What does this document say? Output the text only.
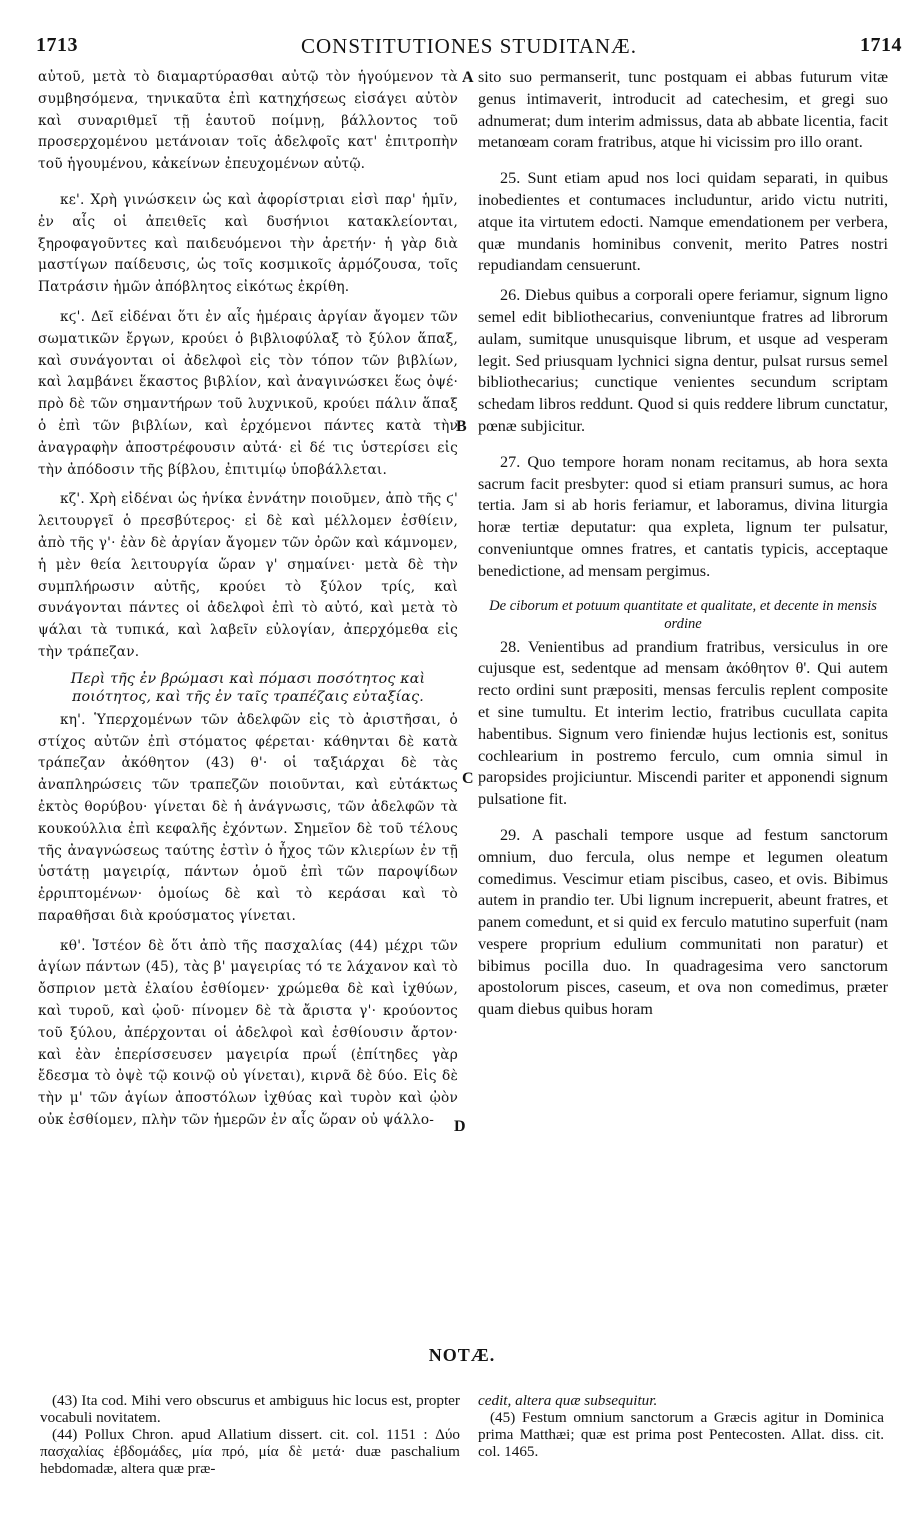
1713	CONSTITUTIONES STUDITANÆ.	1714

αὐτοῦ, μετὰ τὸ διαμαρτύρασθαι αὐτῷ τὸν ἡγούμενον τὰ συμβησόμενα, τηνικαῦτα ἐπὶ κατηχήσεως εἰσάγει αὐτὸν καὶ συναριθμεῖ τῇ ἑαυτοῦ ποίμνῃ, βάλλοντος τοῦ προσερχομένου μετάνοιαν τοῖς ἀδελφοῖς κατ' ἐπιτροπὴν τοῦ ἡγουμένου, κἀκείνων ἐπευχομένων αὐτῷ.

κε'. Χρὴ γινώσκειν ὡς καὶ ἀφορίστριαι εἰσὶ παρ' ἡμῖν, ἐν αἷς οἱ ἀπειθεῖς καὶ δυσήνιοι κατακλείονται, ξηροφαγοῦντες καὶ παιδευόμενοι τὴν ἀρετήν· ἡ γὰρ διὰ μαστίγων παίδευσις, ὡς τοῖς κοσμικοῖς ἁρμόζουσα, τοῖς Πατράσιν ἡμῶν ἀπόβλητος εἰκότως ἐκρίθη.

κϛ'. Δεῖ εἰδέναι ὅτι ἐν αἷς ἡμέραις ἀργίαν ἄγομεν τῶν σωματικῶν ἔργων, κρούει ὁ βιβλιοφύλαξ τὸ ξύλον ἅπαξ, καὶ συνάγονται οἱ ἀδελφοὶ εἰς τὸν τόπον τῶν βιβλίων, καὶ λαμβάνει ἕκαστος βιβλίον, καὶ ἀναγινώσκει ἕως ὀψέ· πρὸ δὲ τῶν σημαντήρων τοῦ λυχνικοῦ, κρούει πάλιν ἅπαξ ὁ ἐπὶ τῶν βιβλίων, καὶ ἐρχόμενοι πάντες κατὰ τὴν ἀναγραφὴν ἀποστρέφουσιν αὐτά· εἰ δέ τις ὑστερίσει εἰς τὴν ἀπόδοσιν τῆς βίβλου, ἐπιτιμίῳ ὑποβάλλεται.

κζ'. Χρὴ εἰδέναι ὡς ἡνίκα ἐννάτην ποιοῦμεν, ἀπὸ τῆς ϛ' λειτουργεῖ ὁ πρεσβύτερος· εἰ δὲ καὶ μέλλομεν ἐσθίειν, ἀπὸ τῆς γ'· ἐὰν δὲ ἀργίαν ἄγομεν τῶν ὀρῶν καὶ κάμνομεν, ἡ μὲν θεία λειτουργία ὥραν γ' σημαίνει· μετὰ δὲ τὴν συμπλήρωσιν αὐτῆς, κρούει τὸ ξύλον τρίς, καὶ συνάγονται πάντες οἱ ἀδελφοὶ ἐπὶ τὸ αὐτό, καὶ μετὰ τὸ ψάλαι τὰ τυπικά, καὶ λαβεῖν εὐλογίαν, ἀπερχόμεθα εἰς τὴν τράπεζαν.

Περὶ τῆς ἐν βρώμασι καὶ πόμασι ποσότητος καὶ ποιότητος, καὶ τῆς ἐν ταῖς τραπέζαις εὐταξίας.

κη'. Ὑπερχομένων τῶν ἀδελφῶν εἰς τὸ ἀριστῆσαι, ὁ στίχος αὐτῶν ἐπὶ στόματος φέρεται· κάθηνται δὲ κατὰ τράπεζαν ἀκόθητον (43) θ'· οἱ ταξιάρχαι δὲ τὰς ἀναπληρώσεις τῶν τραπεζῶν ποιοῦνται, καὶ εὐτάκτως ἐκτὸς θορύβου· γίνεται δὲ ἡ ἀνάγνωσις, τῶν ἀδελφῶν τὰ κουκούλλια ἐπὶ κεφαλῆς ἐχόντων. Σημεῖον δὲ τοῦ τέλους τῆς ἀναγνώσεως ταύτης ἐστὶν ὁ ἦχος τῶν κλιερίων ἐν τῇ ὑστάτῃ μαγειρίᾳ, πάντων ὁμοῦ ἐπὶ τῶν παροψίδων ἐρριπτομένων· ὁμοίως δὲ καὶ τὸ κεράσαι καὶ τὸ παραθῆσαι διὰ κρούσματος γίνεται.

κθ'. Ἰστέον δὲ ὅτι ἀπὸ τῆς πασχαλίας (44) μέχρι τῶν ἁγίων πάντων (45), τὰς β' μαγειρίας τό τε λάχανον καὶ τὸ ὄσπριον μετὰ ἐλαίου ἐσθίομεν· χρώμεθα δὲ καὶ ἰχθύων, καὶ τυροῦ, καὶ ᾠοῦ· πίνομεν δὲ τὰ ἄριστα γ'· κρούοντος τοῦ ξύλου, ἀπέρχονται οἱ ἀδελφοὶ καὶ ἐσθίουσιν ἄρτον· καὶ ἐὰν ἐπερίσσευσεν μαγειρία πρωΐ (ἐπίτηδες γὰρ ἔδεσμα τὸ ὀψὲ τῷ κοινῷ οὐ γίνεται), κιρνᾶ δὲ δύο. Εἰς δὲ τὴν μ' τῶν ἁγίων ἀποστόλων ἰχθύας καὶ τυρὸν καὶ ᾠὸν οὐκ ἐσθίομεν, πλὴν τῶν ἡμερῶν ἐν αἷς ὥραν οὐ ψάλλο-

sito suo permanserit, tunc postquam ei abbas futurum vitæ genus intimaverit, introducit ad catechesim, et gregi suo adnumerat; dum interim admissus, data ab abbate licentia, facit metanœam coram fratribus, atque hi vicissim pro illo orant.

25. Sunt etiam apud nos loci quidam separati, in quibus inobedientes et contumaces includuntur, arido victu nutriti, atque ita virtutem edocti. Namque emendationem per verbera, quæ mundanis hominibus convenit, merito Patres nostri repudiandam censuerunt.

26. Diebus quibus a corporali opere feriamur, signum ligno semel edit bibliothecarius, conveniuntque fratres ad librorum aulam, sumitque unusquisque librum, et usque ad vesperam legit. Sed priusquam lychnici signa dentur, pulsat rursus semel bibliothecarius; cunctique venientes secundum scriptam schedam libros reddunt. Quod si quis reddere librum cunctatur, pœnæ subjicitur.

27. Quo tempore horam nonam recitamus, ab hora sexta sacrum facit presbyter: quod si etiam pransuri sumus, ac hora tertia. Jam si ab horis feriamur, et laboramus, divina liturgia horæ tertiæ deputatur: qua expleta, lignum ter pulsatur, conveniuntque omnes fratres, et cantatis typicis, acceptaque benedictione, ad mensam pergimus.

De ciborum et potuum quantitate et qualitate, et decente in mensis ordine

28. Venientibus ad prandium fratribus, versiculus in ore cujusque est, sedentque ad mensam ἀκόθητον θ'. Qui autem recto ordini sunt præpositi, mensas ferculis replent composite et sine tumultu. Et interim lectio, fratribus cucullata capita habentibus. Signum vero finiendæ hujus lectionis est, sonitus cochlearium in postremo ferculo, cum omnia simul in paropsides projiciuntur. Miscendi pariter et apponendi signum pulsatione fit.

29. A paschali tempore usque ad festum sanctorum omnium, duo fercula, olus nempe et legumen oleatum comedimus. Vescimur etiam piscibus, caseo, et ovis. Bibimus autem in prandio ter. Ubi lignum increpuerit, abeunt fratres, et panem comedunt, et si quid ex ferculo matutino superfuit (nam vespere proprium edulium communitati non paratur) et bibimus pocilla duo. In quadragesima vero sanctorum apostolorum pisces, caseum, et ova non comedimus, præter quam diebus quibus horam

A
B
C
D
NOTÆ.

(43) Ita cod. Mihi vero obscurus et ambiguus hic locus est, propter vocabuli novitatem.

(44) Pollux Chron. apud Allatium dissert. cit. col. 1151 : Δύο πασχαλίας ἑβδομάδες, μία πρό, μία δὲ μετά· duæ paschalium hebdomadæ, altera quæ præ-

cedit, altera quæ subsequitur.

(45) Festum omnium sanctorum a Græcis agitur in Dominica prima Matthæi; quæ est prima post Pentecosten. Allat. diss. cit. col. 1465.
